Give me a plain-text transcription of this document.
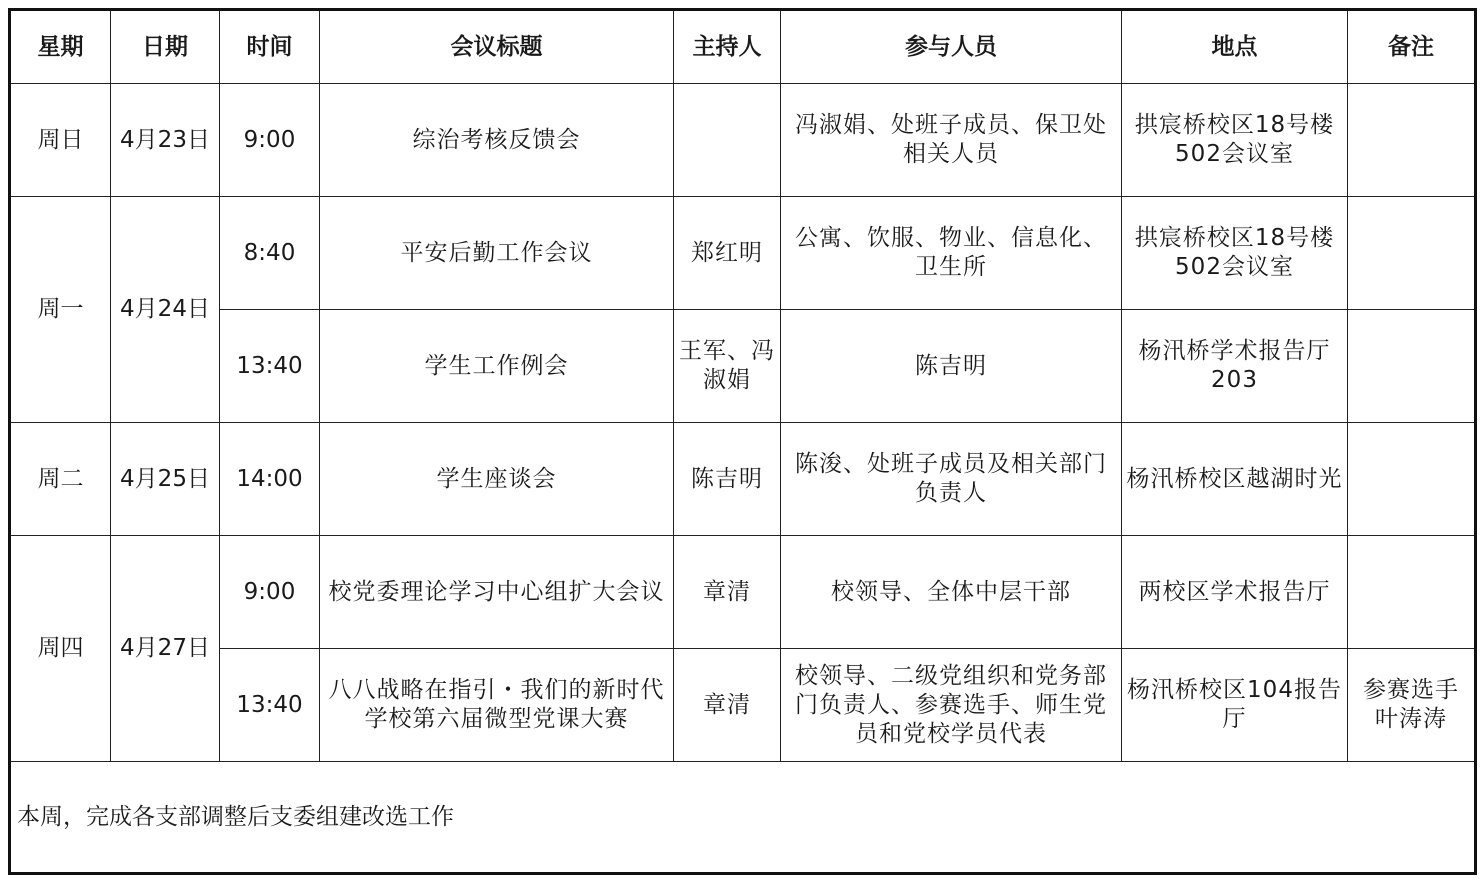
星期	日期	时间	会议标题	主持人	参与人员	地点	备注
周日	4月23日	9:00	综治考核反馈会		冯淑娟、处班子成员、保卫处相关人员	拱宸桥校区18号楼502会议室	
周一	4月24日	8:40	平安后勤工作会议	郑红明	公寓、饮服、物业、信息化、卫生所	拱宸桥校区18号楼502会议室	
		13:40	学生工作例会	王军、冯淑娟	陈吉明	杨汛桥学术报告厅203	
周二	4月25日	14:00	学生座谈会	陈吉明	陈浚、处班子成员及相关部门负责人	杨汛桥校区越湖时光	
周四	4月27日	9:00	校党委理论学习中心组扩大会议	章清	校领导、全体中层干部	两校区学术报告厅	
		13:40	八八战略在指引・我们的新时代学校第六届微型党课大赛	章清	校领导、二级党组织和党务部门负责人、参赛选手、师生党员和党校学员代表	杨汛桥校区104报告厅	参赛选手叶涛涛
本周，完成各支部调整后支委组建改选工作							
